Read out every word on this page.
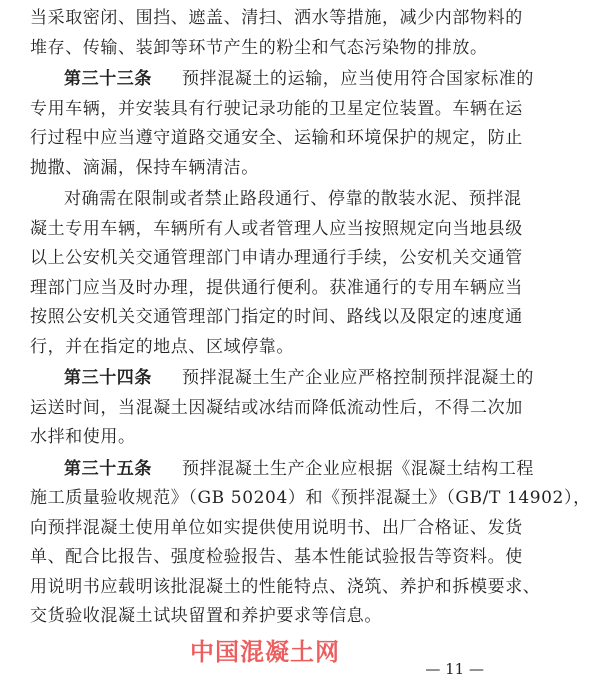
当采取密闭、围挡、遮盖、清扫、洒水等措施，减少内部物料的
堆存、传输、装卸等环节产生的粉尘和气态污染物的排放。
第三十三条 预拌混凝土的运输，应当使用符合国家标准的
专用车辆，并安装具有行驶记录功能的卫星定位装置。车辆在运
行过程中应当遵守道路交通安全、运输和环境保护的规定，防止
抛撒、滴漏，保持车辆清洁。
对确需在限制或者禁止路段通行、停靠的散装水泥、预拌混
凝土专用车辆，车辆所有人或者管理人应当按照规定向当地县级
以上公安机关交通管理部门申请办理通行手续，公安机关交通管
理部门应当及时办理，提供通行便利。获准通行的专用车辆应当
按照公安机关交通管理部门指定的时间、路线以及限定的速度通
行，并在指定的地点、区域停靠。
第三十四条 预拌混凝土生产企业应严格控制预拌混凝土的
运送时间，当混凝土因凝结或冰结而降低流动性后，不得二次加
水拌和使用。
第三十五条 预拌混凝土生产企业应根据《混凝土结构工程
施工质量验收规范》（GB 50204）和《预拌混凝土》（GB/T 14902），
向预拌混凝土使用单位如实提供使用说明书、出厂合格证、发货
单、配合比报告、强度检验报告、基本性能试验报告等资料。使
用说明书应载明该批混凝土的性能特点、浇筑、养护和拆模要求、
交货验收混凝土试块留置和养护要求等信息。
中国混凝土网
— 11 —
